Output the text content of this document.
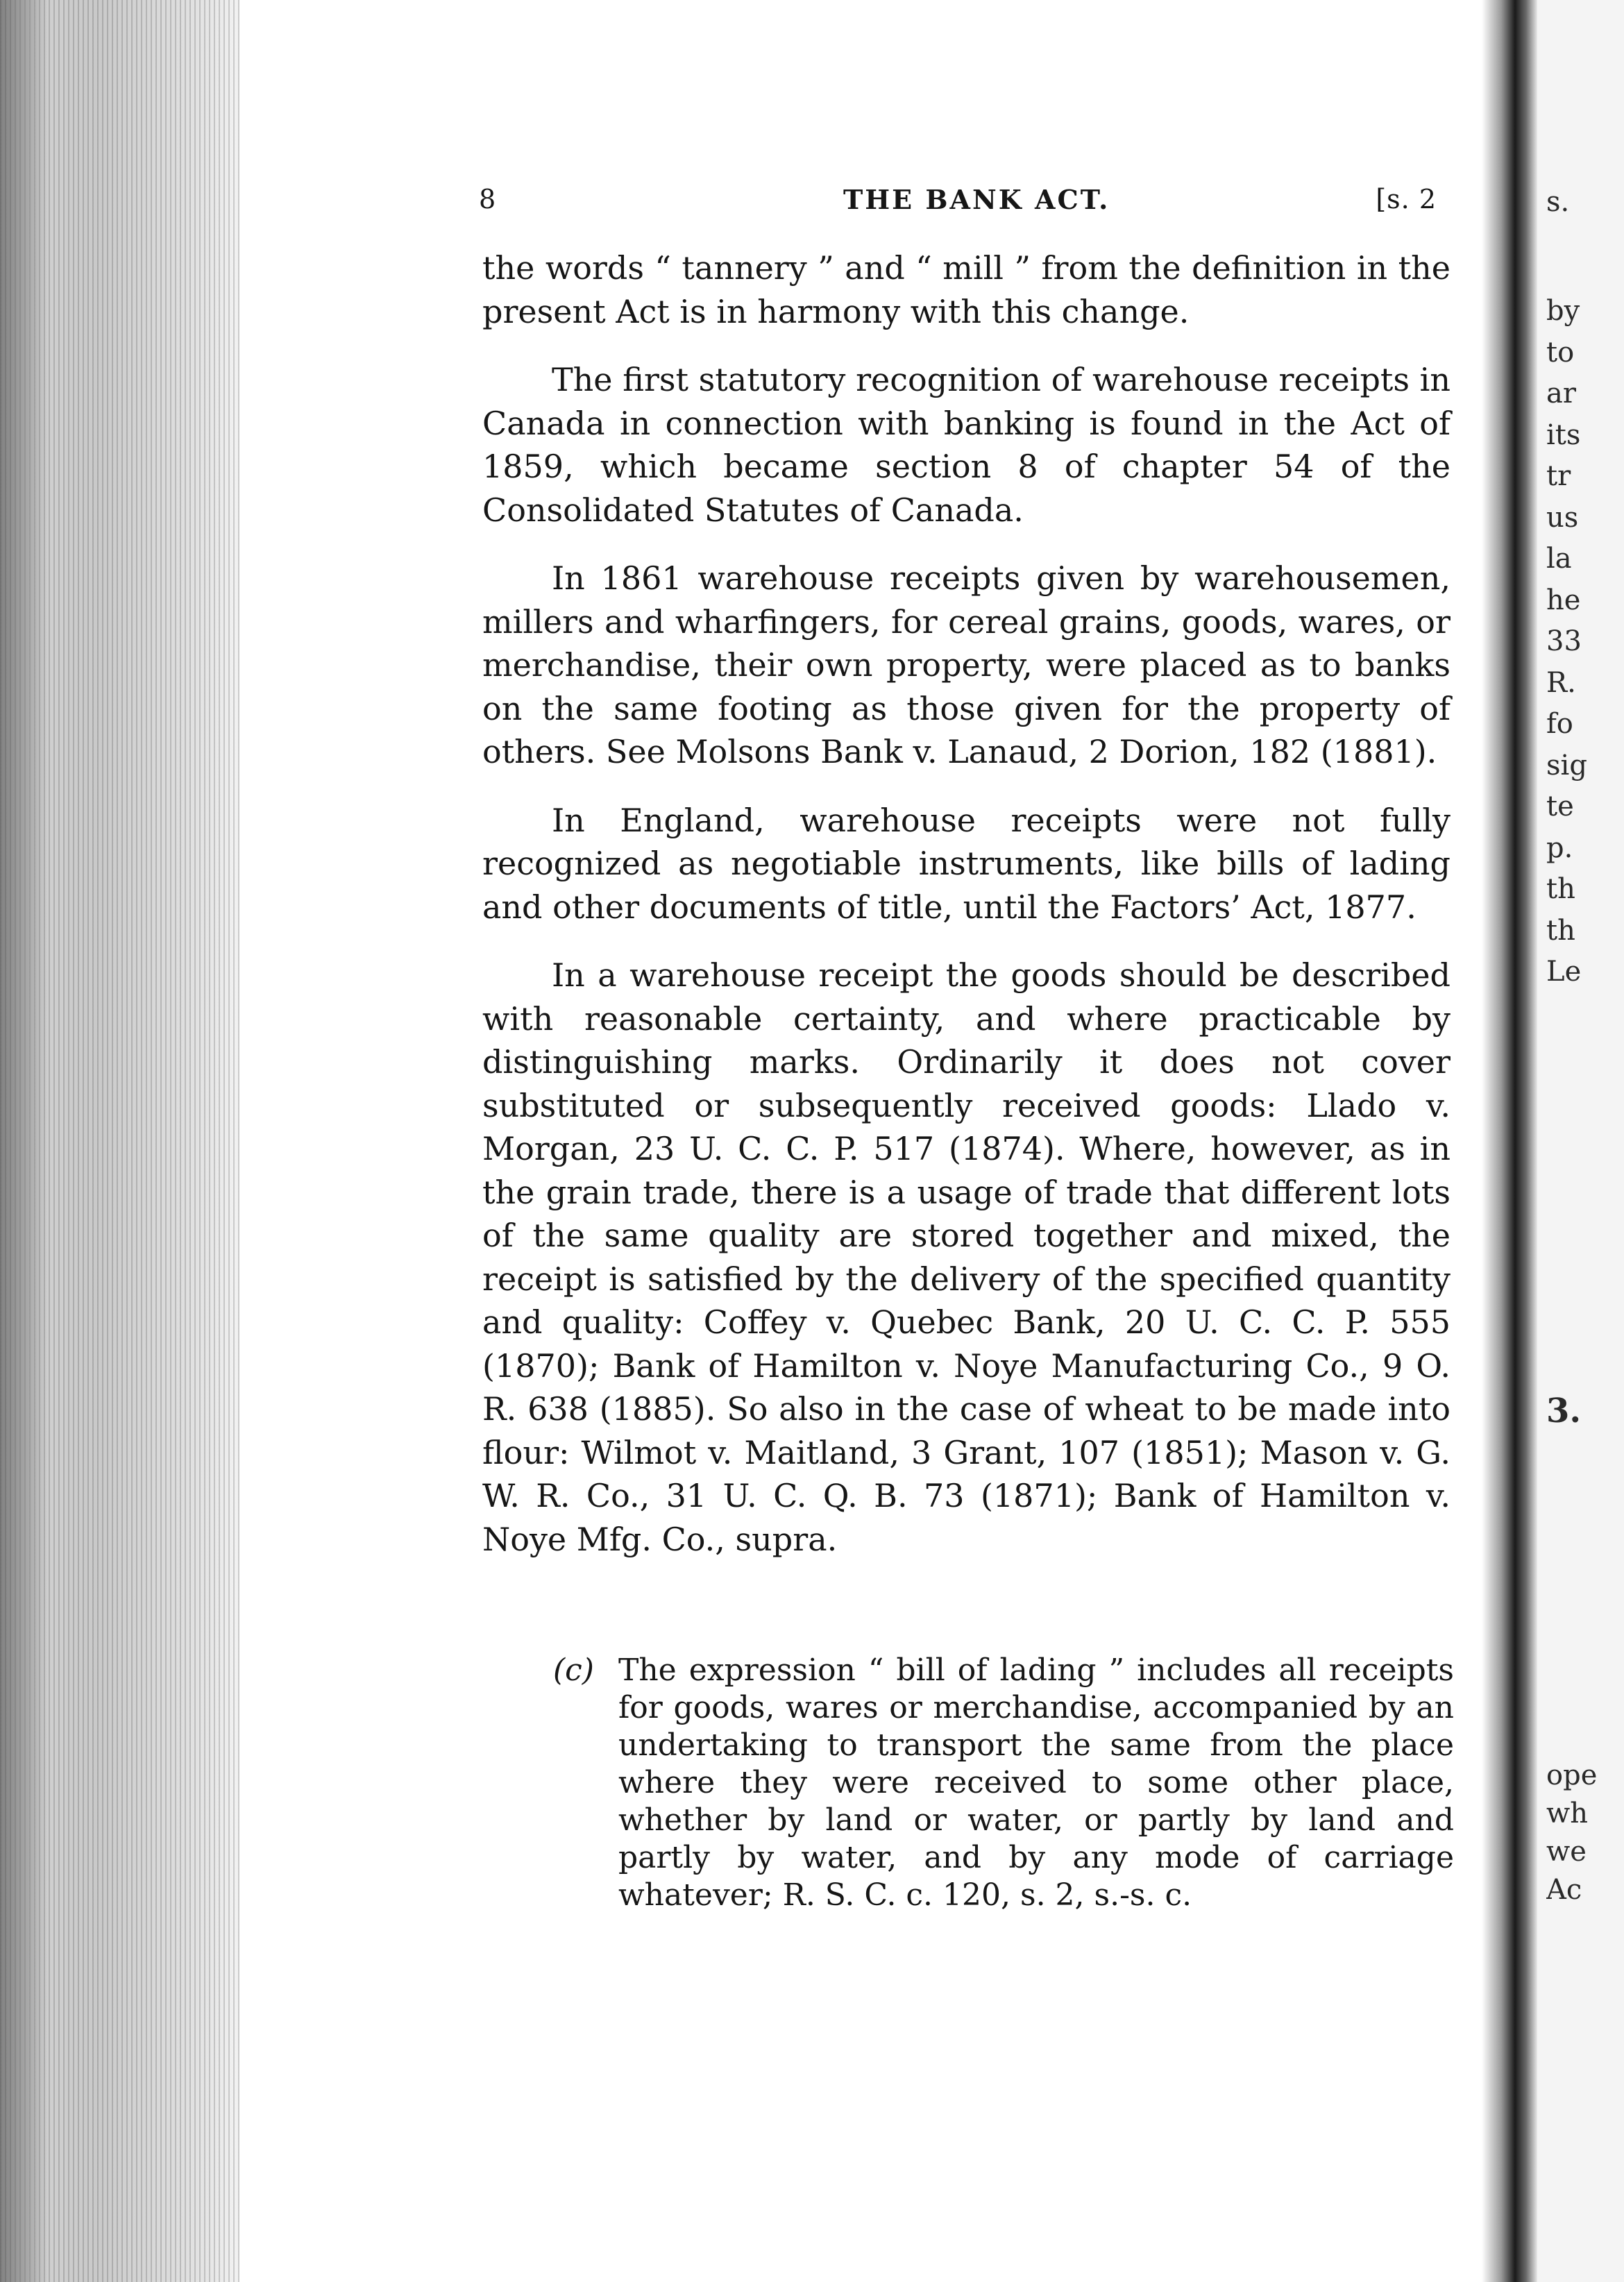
8	THE BANK ACT.	[s. 2

the words “ tannery ” and “ mill ” from the definition in the present Act is in harmony with this change.

The first statutory recognition of warehouse receipts in Canada in connection with banking is found in the Act of 1859, which became section 8 of chapter 54 of the Consolidated Statutes of Canada.

In 1861 warehouse receipts given by warehousemen, millers and wharfingers, for cereal grains, goods, wares, or merchandise, their own property, were placed as to banks on the same footing as those given for the property of others. See Molsons Bank v. Lanaud, 2 Dorion, 182 (1881).

In England, warehouse receipts were not fully recognized as negotiable instruments, like bills of lading and other documents of title, until the Factors’ Act, 1877.

In a warehouse receipt the goods should be described with reasonable certainty, and where practicable by distinguishing marks. Ordinarily it does not cover substituted or subsequently received goods: Llado v. Morgan, 23 U. C. C. P. 517 (1874). Where, however, as in the grain trade, there is a usage of trade that different lots of the same quality are stored together and mixed, the receipt is satisfied by the delivery of the specified quantity and quality: Coffey v. Quebec Bank, 20 U. C. C. P. 555 (1870); Bank of Hamilton v. Noye Manufacturing Co., 9 O. R. 638 (1885). So also in the case of wheat to be made into flour: Wilmot v. Maitland, 3 Grant, 107 (1851); Mason v. G. W. R. Co., 31 U. C. Q. B. 73 (1871); Bank of Hamilton v. Noye Mfg. Co., supra.

(c) The expression “ bill of lading ” includes all receipts for goods, wares or merchandise, accompanied by an undertaking to transport the same from the place where they were received to some other place, whether by land or water, or partly by land and partly by water, and by any mode of carriage whatever; R. S. C. c. 120, s. 2, s.-s. c.
s.
3.
by
to
ar
its
tr
us
la
he
33
R.
fo
sig
te
p.
th
th
Le
ope
wh
we
Ac
